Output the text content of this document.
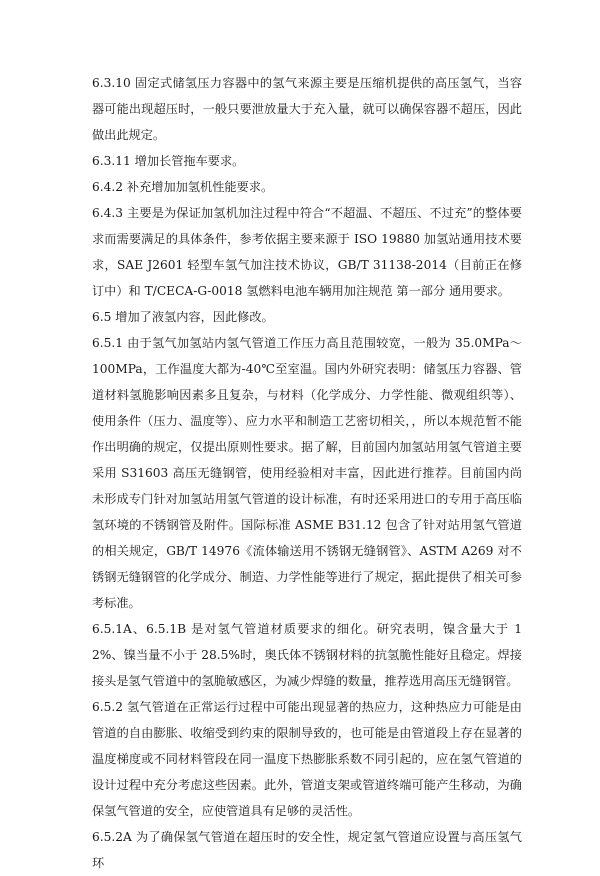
6.3.10 固定式储氢压力容器中的氢气来源主要是压缩机提供的高压氢气，当容器可能出现超压时，一般只要泄放量大于充入量，就可以确保容器不超压，因此做出此规定。

6.3.11 增加长管拖车要求。

6.4.2 补充增加加氢机性能要求。

6.4.3 主要是为保证加氢机加注过程中符合“不超温、不超压、不过充”的整体要求而需要满足的具体条件，参考依据主要来源于 ISO 19880 加氢站通用技术要求，SAE J2601 轻型车氢气加注技术协议，GB/T 31138-2014（目前正在修订中）和 T/CECA-G-0018 氢燃料电池车辆用加注规范 第一部分 通用要求。

6.5 增加了液氢内容，因此修改。

6.5.1 由于氢气加氢站内氢气管道工作压力高且范围较宽，一般为 35.0MPa～100MPa，工作温度大都为-40℃至室温。国内外研究表明：储氢压力容器、管道材料氢脆影响因素多且复杂，与材料（化学成分、力学性能、微观组织等）、使用条件（压力、温度等）、应力水平和制造工艺密切相关，，所以本规范暂不能作出明确的规定，仅提出原则性要求。据了解，目前国内加氢站用氢气管道主要采用 S31603 高压无缝钢管，使用经验相对丰富，因此进行推荐。目前国内尚未形成专门针对加氢站用氢气管道的设计标准，有时还采用进口的专用于高压临氢环境的不锈钢管及附件。国际标准 ASME B31.12 包含了针对站用氢气管道的相关规定，GB/T 14976《流体输送用不锈钢无缝钢管》、ASTM A269 对不锈钢无缝钢管的化学成分、制造、力学性能等进行了规定，据此提供了相关可参考标准。

6.5.1A、6.5.1B 是对氢气管道材质要求的细化。研究表明，镍含量大于 12%、镍当量不小于 28.5%时，奥氏体不锈钢材料的抗氢脆性能好且稳定。焊接接头是氢气管道中的氢脆敏感区，为减少焊缝的数量，推荐选用高压无缝钢管。

6.5.2 氢气管道在正常运行过程中可能出现显著的热应力，这种热应力可能是由管道的自由膨胀、收缩受到约束的限制导致的，也可能是由管道段上存在显著的温度梯度或不同材料管段在同一温度下热膨胀系数不同引起的，应在氢气管道的设计过程中充分考虑这些因素。此外，管道支架或管道终端可能产生移动，为确保氢气管道的安全，应使管道具有足够的灵活性。

6.5.2A 为了确保氢气管道在超压时的安全性，规定氢气管道应设置与高压氢气环
